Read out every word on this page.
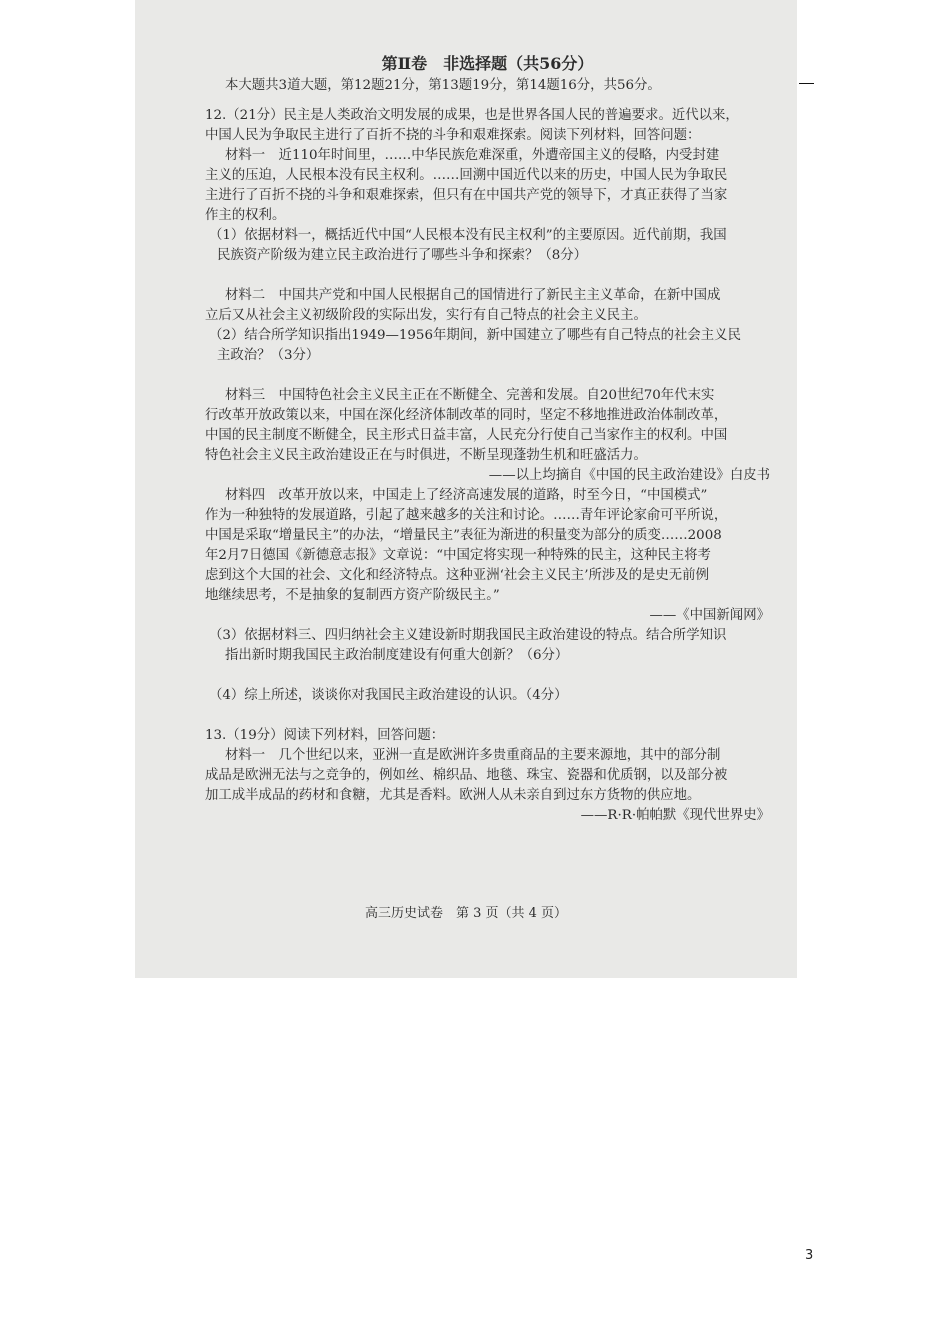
第Ⅱ卷　非选择题（共56分）
本大题共3道大题，第12题21分，第13题19分，第14题16分，共56分。
12.（21分）民主是人类政治文明发展的成果，也是世界各国人民的普遍要求。近代以来，
中国人民为争取民主进行了百折不挠的斗争和艰难探索。阅读下列材料，回答问题：
材料一　近110年时间里，……中华民族危难深重，外遭帝国主义的侵略，内受封建
主义的压迫，人民根本没有民主权利。……回溯中国近代以来的历史，中国人民为争取民
主进行了百折不挠的斗争和艰难探索，但只有在中国共产党的领导下，才真正获得了当家
作主的权利。
（1）依据材料一，概括近代中国“人民根本没有民主权利”的主要原因。近代前期，我国
民族资产阶级为建立民主政治进行了哪些斗争和探索？（8分）
材料二　中国共产党和中国人民根据自己的国情进行了新民主主义革命，在新中国成
立后又从社会主义初级阶段的实际出发，实行有自己特点的社会主义民主。
（2）结合所学知识指出1949—1956年期间，新中国建立了哪些有自己特点的社会主义民
主政治？（3分）
材料三　中国特色社会主义民主正在不断健全、完善和发展。自20世纪70年代末实
行改革开放政策以来，中国在深化经济体制改革的同时，坚定不移地推进政治体制改革，
中国的民主制度不断健全，民主形式日益丰富，人民充分行使自己当家作主的权利。中国
特色社会主义民主政治建设正在与时俱进，不断呈现蓬勃生机和旺盛活力。
——以上均摘自《中国的民主政治建设》白皮书
材料四　改革开放以来，中国走上了经济高速发展的道路，时至今日，“中国模式”
作为一种独特的发展道路，引起了越来越多的关注和讨论。……青年评论家俞可平所说，
中国是采取“增量民主”的办法，“增量民主”表征为渐进的积量变为部分的质变……2008
年2月7日德国《新德意志报》文章说：“中国定将实现一种特殊的民主，这种民主将考
虑到这个大国的社会、文化和经济特点。这种亚洲‘社会主义民主’所涉及的是史无前例
地继续思考，不是抽象的复制西方资产阶级民主。”
——《中国新闻网》
（3）依据材料三、四归纳社会主义建设新时期我国民主政治建设的特点。结合所学知识
指出新时期我国民主政治制度建设有何重大创新？（6分）
（4）综上所述，谈谈你对我国民主政治建设的认识。（4分）
13.（19分）阅读下列材料，回答问题：
材料一　几个世纪以来，亚洲一直是欧洲许多贵重商品的主要来源地，其中的部分制
成品是欧洲无法与之竞争的，例如丝、棉织品、地毯、珠宝、瓷器和优质钢，以及部分被
加工成半成品的药材和食糖，尤其是香料。欧洲人从未亲自到过东方货物的供应地。
——R·R·帕帕默《现代世界史》
高三历史试卷　第 3 页（共 4 页）
3
